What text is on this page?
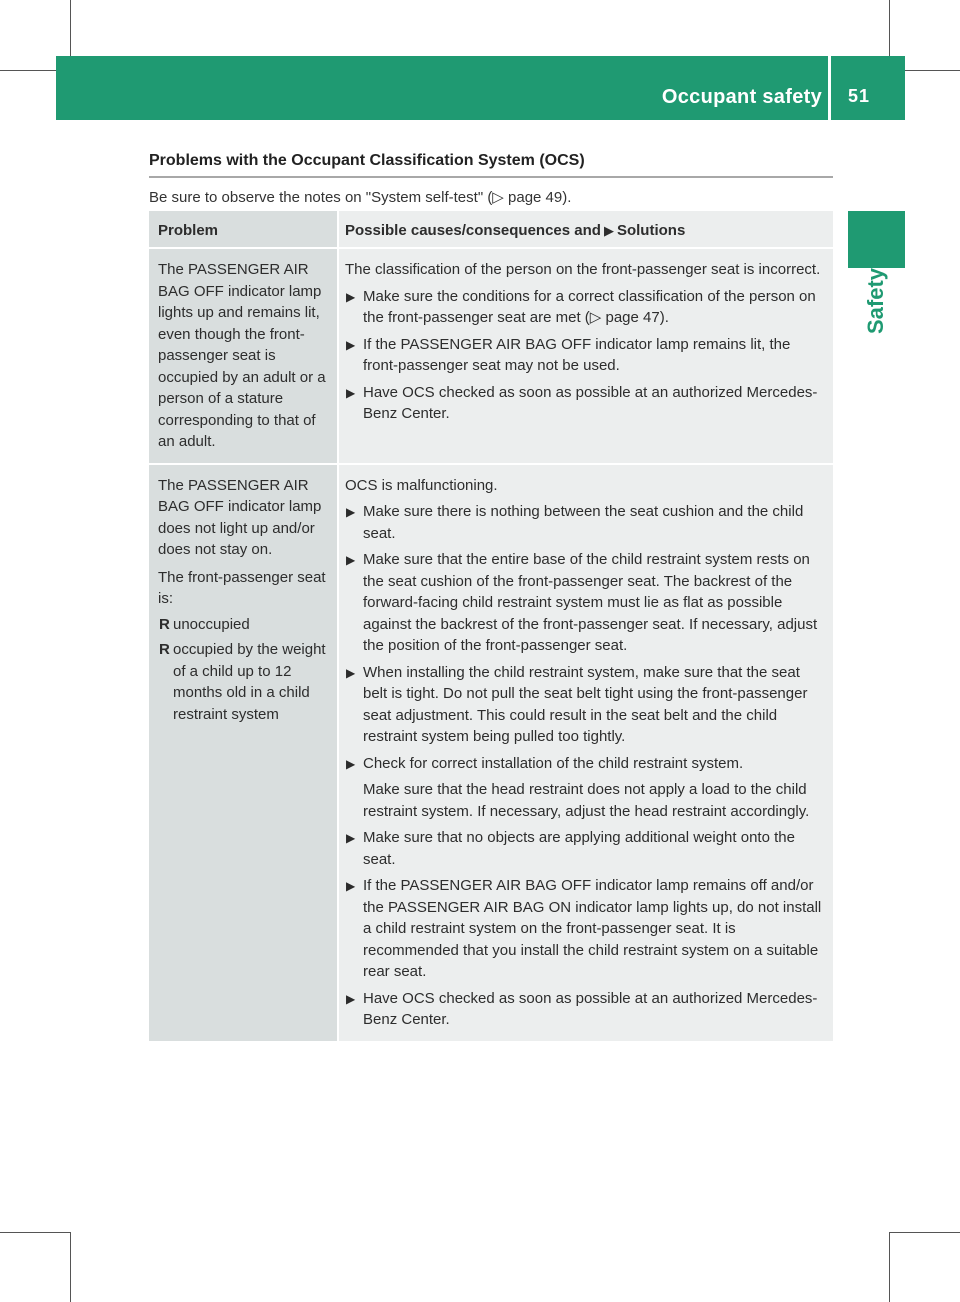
Occupant safety 51
Safety
Problems with the Occupant Classification System (OCS)
Be sure to observe the notes on "System self-test" (▷ page 49).
Problem	Possible causes/consequences and ▶ Solutions

The PASSENGER AIR BAG OFF indicator lamp lights up and remains lit, even though the front-passenger seat is occupied by an adult or a person of a stature corresponding to that of an adult.

The classification of the person on the front-passenger seat is incorrect.

▶ Make sure the conditions for a correct classification of the person on the front-passenger seat are met (▷ page 47).
▶ If the PASSENGER AIR BAG OFF indicator lamp remains lit, the front-passenger seat may not be used.
▶ Have OCS checked as soon as possible at an authorized Mercedes-Benz Center.

The PASSENGER AIR BAG OFF indicator lamp does not light up and/or does not stay on.

The front-passenger seat is:

R unoccupied
R occupied by the weight of a child up to 12 months old in a child restraint system

OCS is malfunctioning.

▶ Make sure there is nothing between the seat cushion and the child seat.
▶ Make sure that the entire base of the child restraint system rests on the seat cushion of the front-passenger seat. The backrest of the forward-facing child restraint system must lie as flat as possible against the backrest of the front-passenger seat. If necessary, adjust the position of the front-passenger seat.
▶ When installing the child restraint system, make sure that the seat belt is tight. Do not pull the seat belt tight using the front-passenger seat adjustment. This could result in the seat belt and the child restraint system being pulled too tightly.
▶ Check for correct installation of the child restraint system.
Make sure that the head restraint does not apply a load to the child restraint system. If necessary, adjust the head restraint accordingly.
▶ Make sure that no objects are applying additional weight onto the seat.
▶ If the PASSENGER AIR BAG OFF indicator lamp remains off and/or the PASSENGER AIR BAG ON indicator lamp lights up, do not install a child restraint system on the front-passenger seat. It is recommended that you install the child restraint system on a suitable rear seat.
▶ Have OCS checked as soon as possible at an authorized Mercedes-Benz Center.
